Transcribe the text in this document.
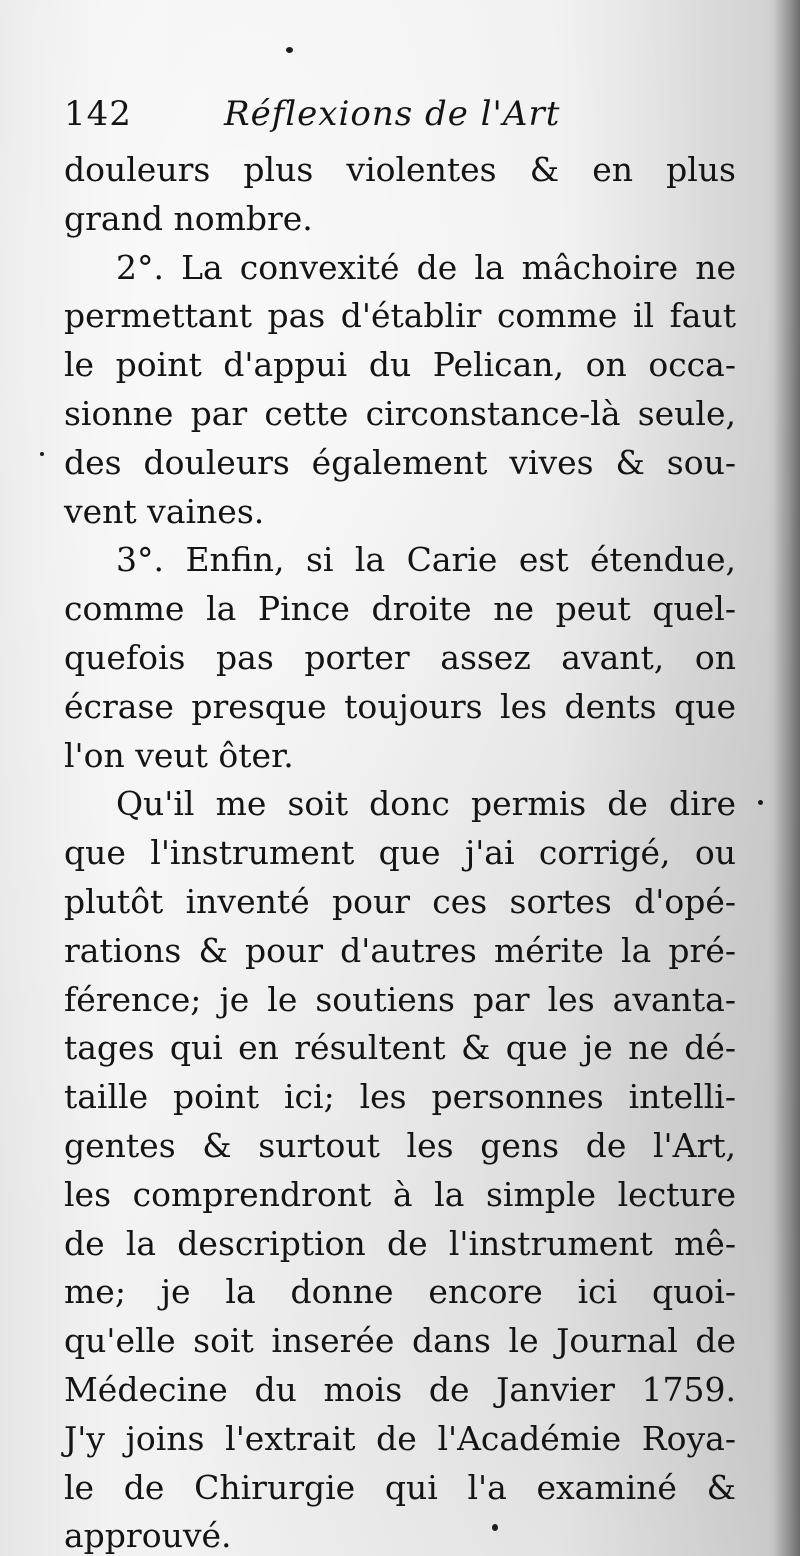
142	Réflexions de l'Art
douleurs plus violentes & en plus
grand nombre.
2°. La convexité de la mâchoire ne
permettant pas d'établir comme il faut
le point d'appui du Pelican, on occa-
sionne par cette circonstance-là seule,
des douleurs également vives & sou-
vent vaines.
3°. Enfin, si la Carie est étendue,
comme la Pince droite ne peut quel-
quefois pas porter assez avant, on
écrase presque toujours les dents que
l'on veut ôter.
Qu'il me soit donc permis de dire
que l'instrument que j'ai corrigé, ou
plutôt inventé pour ces sortes d'opé-
rations & pour d'autres mérite la pré-
férence; je le soutiens par les avanta-
tages qui en résultent & que je ne dé-
taille point ici; les personnes intelli-
gentes & surtout les gens de l'Art,
les comprendront à la simple lecture
de la description de l'instrument mê-
me; je la donne encore ici quoi-
qu'elle soit inserée dans le Journal de
Médecine du mois de Janvier 1759.
J'y joins l'extrait de l'Académie Roya-
le de Chirurgie qui l'a examiné &
approuvé.
